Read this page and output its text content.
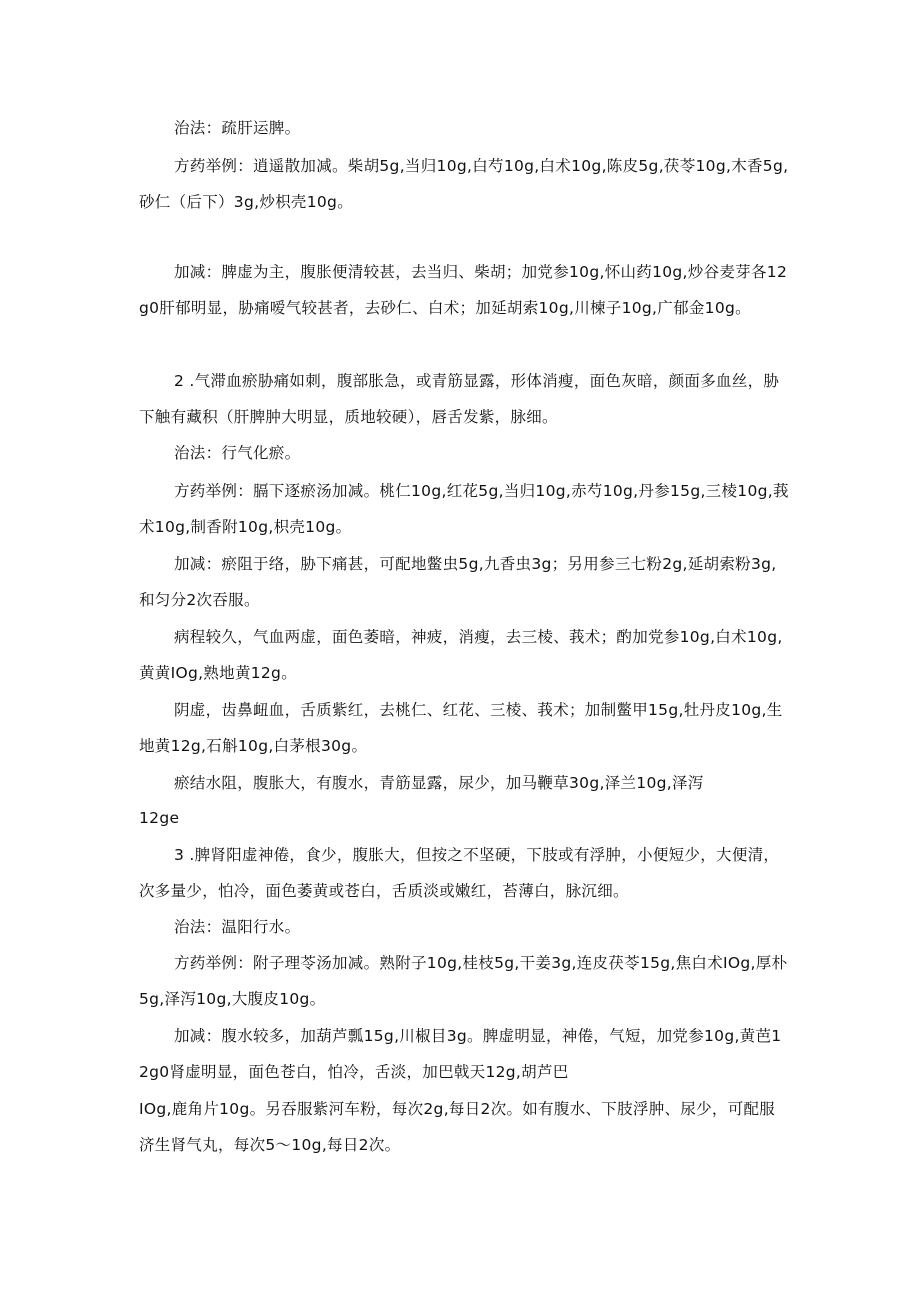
治法：疏肝运脾。

方药举例：逍遥散加减。柴胡5g,当归10g,白芍10g,白术10g,陈皮5g,茯苓10g,木香5g,砂仁（后下）3g,炒枳壳10g。

加减：脾虚为主，腹胀便清较甚，去当归、柴胡；加党参10g,怀山药10g,炒谷麦芽各12g0肝郁明显，胁痛嗳气较甚者，去砂仁、白术；加延胡索10g,川楝子10g,广郁金10g。

2 .气滞血瘀胁痛如刺，腹部胀急，或青筋显露，形体消瘦，面色灰暗，颜面多血丝，胁下触有藏积（肝脾肿大明显，质地较硬），唇舌发紫，脉细。

治法：行气化瘀。

方药举例：膈下逐瘀汤加减。桃仁10g,红花5g,当归10g,赤芍10g,丹参15g,三棱10g,莪术10g,制香附10g,枳壳10g。

加减：瘀阻于络，胁下痛甚，可配地鳖虫5g,九香虫3g；另用参三七粉2g,延胡索粉3g,和匀分2次吞服。

病程较久，气血两虚，面色萎暗，神疲，消瘦，去三棱、莪术；酌加党参10g,白术10g,黄黄IOg,熟地黄12g。

阴虚，齿鼻衄血，舌质紫红，去桃仁、红花、三棱、莪术；加制鳖甲15g,牡丹皮10g,生地黄12g,石斛10g,白茅根30g。

瘀结水阻，腹胀大，有腹水，青筋显露，尿少，加马鞭草30g,泽兰10g,泽泻

12ge

3 .脾肾阳虚神倦，食少，腹胀大，但按之不坚硬，下肢或有浮肿，小便短少，大便清，次多量少，怕冷，面色萎黄或苍白，舌质淡或嫩红，苔薄白，脉沉细。

治法：温阳行水。

方药举例：附子理苓汤加减。熟附子10g,桂枝5g,干姜3g,连皮茯苓15g,焦白术IOg,厚朴5g,泽泻10g,大腹皮10g。

加减：腹水较多，加葫芦瓢15g,川椒目3g。脾虚明显，神倦，气短，加党参10g,黄芭12g0肾虚明显，面色苍白，怕冷，舌淡，加巴戟天12g,胡芦巴

IOg,鹿角片10g。另吞服紫河车粉，每次2g,每日2次。如有腹水、下肢浮肿、尿少，可配服济生肾气丸，每次5～10g,每日2次。
